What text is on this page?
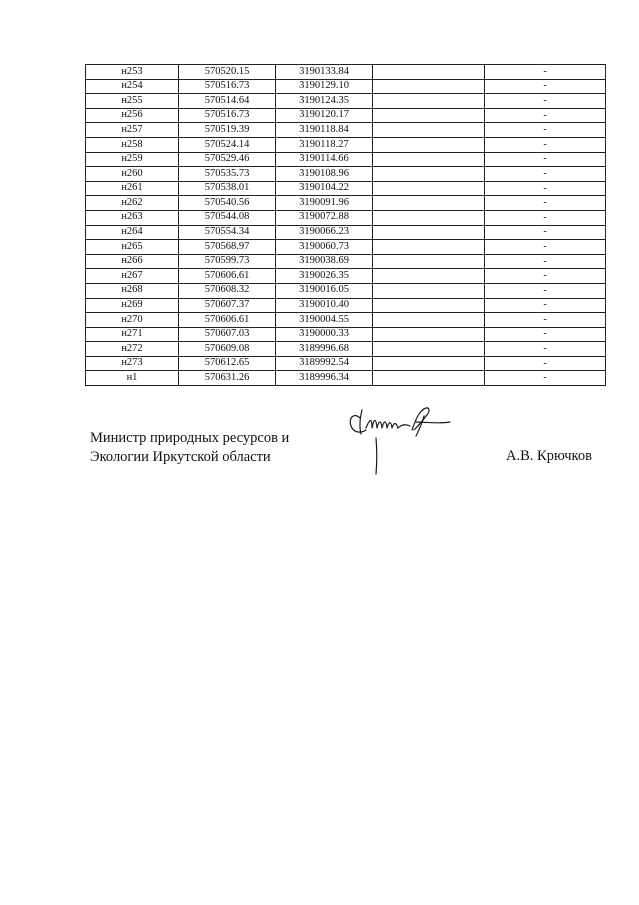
н253	570520.15	3190133.84		-
н254	570516.73	3190129.10		-
н255	570514.64	3190124.35		-
н256	570516.73	3190120.17		-
н257	570519.39	3190118.84		-
н258	570524.14	3190118.27		-
н259	570529.46	3190114.66		-
н260	570535.73	3190108.96		-
н261	570538.01	3190104.22		-
н262	570540.56	3190091.96		-
н263	570544.08	3190072.88		-
н264	570554.34	3190066.23		-
н265	570568.97	3190060.73		-
н266	570599.73	3190038.69		-
н267	570606.61	3190026.35		-
н268	570608.32	3190016.05		-
н269	570607.37	3190010.40		-
н270	570606.61	3190004.55		-
н271	570607.03	3190000.33		-
н272	570609.08	3189996.68		-
н273	570612.65	3189992.54		-
н1	570631.26	3189996.34		-
Министр природных ресурсов и
Экологии Иркутской области	А.В. Крючков
